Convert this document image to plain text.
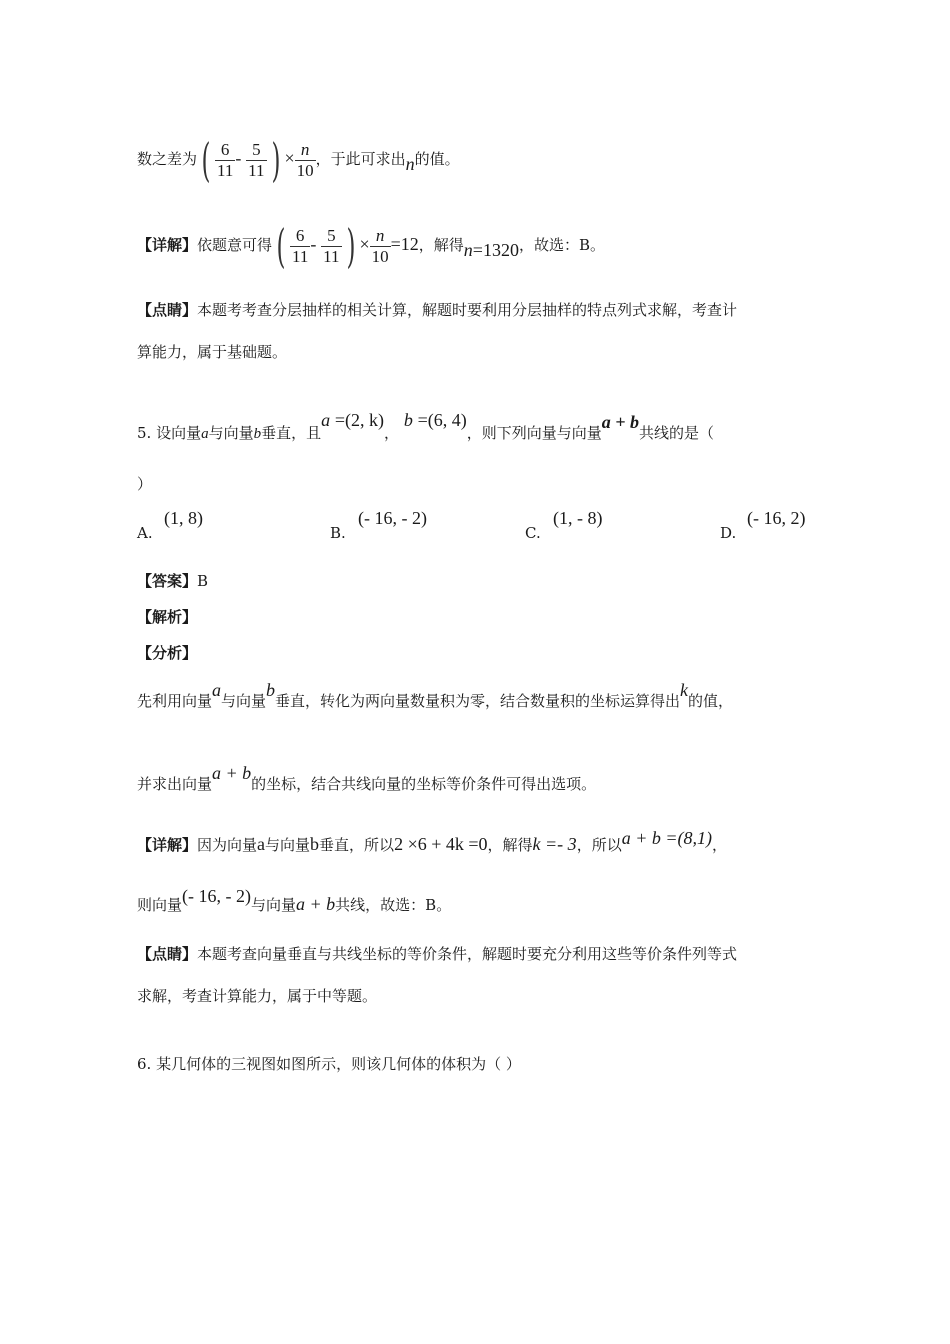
数之差为( $\frac{6}{11} - \frac{5}{11}$ ) × $\frac{n}{10}$ ，于此可求出n的值。
【详解】依题意可得( $\frac{6}{11} - \frac{5}{11}$ ) × $\frac{n}{10} =12$，解得n=1320，故选：B。
【点睛】本题考考查分层抽样的相关计算，解题时要利用分层抽样的特点列式求解，考查计
算能力，属于基础题。
5. 设向量a与向量b垂直，且a =(2, k)， b =(6, 4)，则下列向量与向量a + b共线的是（
）
A.
(1, 8)
B.
(- 16, - 2)
C.
(1, - 8)
D.
(- 16, 2)
【答案】B
【解析】
【分析】
先利用向量a与向量b垂直，转化为两向量数量积为零，结合数量积的坐标运算得出k的值，
并求出向量a + b的坐标，结合共线向量的坐标等价条件可得出选项。
【详解】因为向量a与向量b垂直，所以2 ×6 + 4k =0，解得k =- 3，所以a + b =(8,1)，
则向量(- 16, - 2)与向量a + b共线，故选：B。
【点睛】本题考查向量垂直与共线坐标的等价条件，解题时要充分利用这些等价条件列等式
求解，考查计算能力，属于中等题。
6. 某几何体的三视图如图所示，则该几何体的体积为（ ）
